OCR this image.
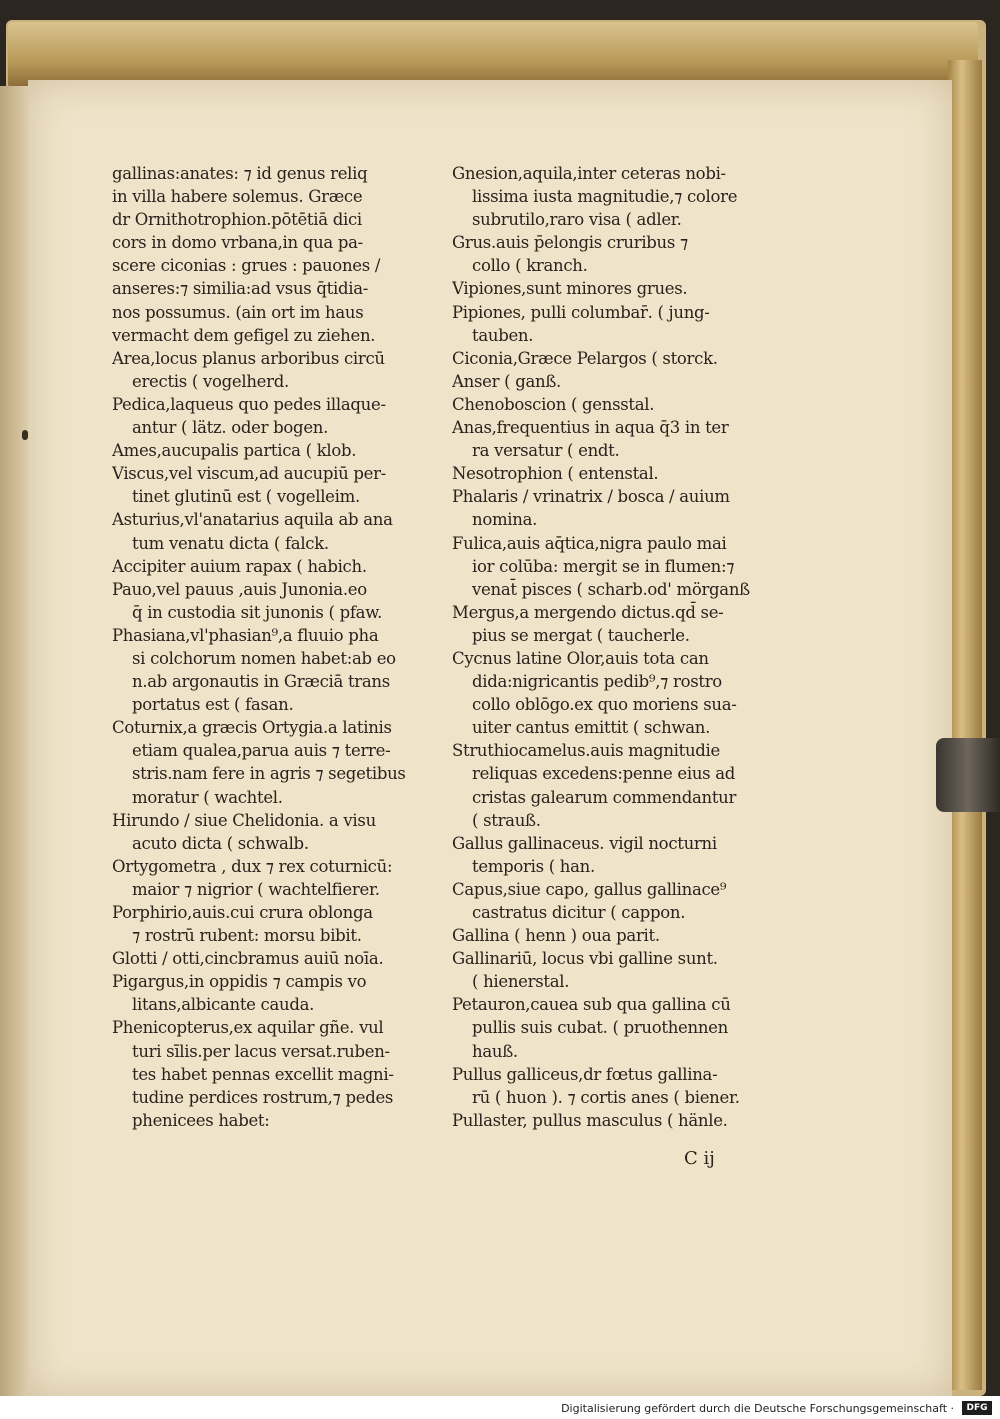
gallinas:anates: ⁊ id genus reliq
in villa habere solemus. Græce
dr Ornithotrophion.pōtētiā dici
cors in domo vrbana,in qua pa-
scere ciconias : grues : pauones /
anseres:⁊ similia:ad vsus q̄tidia-
nos possumus. (ain ort im haus
vermacht dem gefigel zu ziehen.
Area,locus planus arboribus circū
erectis ( vogelherd.
Pedica,laqueus quo pedes illaque-
antur ( lätz. oder bogen.
Ames,aucupalis partica ( klob.
Viscus,vel viscum,ad aucupiū per-
tinet glutinū est ( vogelleim.
Asturius,vl'anatarius aquila ab ana
tum venatu dicta ( falck.
Accipiter auium rapax ( habich.
Pauo,vel pauus ,auis Junonia.eo
q̄ in custodia sit junonis ( pfaw.
Phasiana,vl'phasian⁹,a fluuio pha
si colchorum nomen habet:ab eo
n.ab argonautis in Græciā trans
portatus est ( fasan.
Coturnix,a græcis Ortygia.a latinis
etiam qualea,parua auis ⁊ terre-
stris.nam fere in agris ⁊ segetibus
moratur ( wachtel.
Hirundo / siue Chelidonia. a visu
acuto dicta ( schwalb.
Ortygometra , dux ⁊ rex coturnicū:
maior ⁊ nigrior ( wachtelfierer.
Porphirio,auis.cui crura oblonga
⁊ rostrū rubent: morsu bibit.
Glotti / otti,cincbramus auiū noīa.
Pigargus,in oppidis ⁊ campis vo
litans,albicante cauda.
Phenicopterus,ex aquilar gñe. vul
turi sīlis.per lacus versat.ruben-
tes habet pennas excellit magni-
tudine perdices rostrum,⁊ pedes
phenicees habet:
Gnesion,aquila,inter ceteras nobi-
lissima iusta magnitudie,⁊ colore
subrutilo,raro visa ( adler.
Grus.auis p̄elongis cruribus ⁊
collo ( kranch.
Vipiones,sunt minores grues.
Pipiones, pulli columbar̄. ( jung-
tauben.
Ciconia,Græce Pelargos ( storck.
Anser ( ganß.
Chenoboscion ( gensstal.
Anas,frequentius in aqua q̄3 in ter
ra versatur ( endt.
Nesotrophion ( entenstal.
Phalaris / vrinatrix / bosca / auium
nomina.
Fulica,auis aq̄tica,nigra paulo mai
ior colūba: mergit se in flumen:⁊
venat̄ pisces ( scharb.od' mörganß
Mergus,a mergendo dictus.qd̄ se-
pius se mergat ( taucherle.
Cycnus latine Olor,auis tota can
dida:nigricantis pedib⁹,⁊ rostro
collo oblōgo.ex quo moriens sua-
uiter cantus emittit ( schwan.
Struthiocamelus.auis magnitudie
reliquas excedens:penne eius ad
cristas galearum commendantur
( strauß.
Gallus gallinaceus. vigil nocturni
temporis ( han.
Capus,siue capo, gallus gallinace⁹
castratus dicitur ( cappon.
Gallina ( henn ) oua parit.
Gallinariū, locus vbi galline sunt.
( hienerstal.
Petauron,cauea sub qua gallina cū
pullis suis cubat. ( pruothennen
hauß.
Pullus galliceus,dr fœtus gallina-
rū ( huon ). ⁊ cortis anes ( biener.
Pullaster, pullus masculus ( hänle.
C ij
Digitalisierung gefördert durch die Deutsche Forschungsgemeinschaft ·	DFG
